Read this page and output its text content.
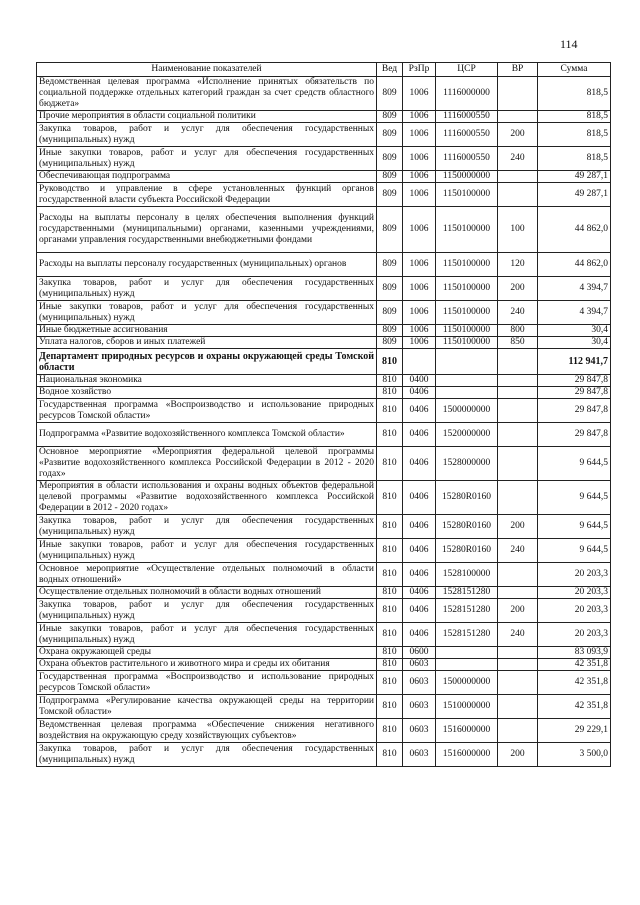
114
Наименование показателей	Вед	РзПр	ЦСР	ВР	Сумма
Ведомственная целевая программа «Исполнение принятых обязательств по социальной поддержке отдельных категорий граждан за счет средств областного бюджета»	809	1006	1116000000		818,5
Прочие мероприятия в области социальной политики	809	1006	1116000550		818,5
Закупка товаров, работ и услуг для обеспечения государственных (муниципальных) нужд	809	1006	1116000550	200	818,5
Иные закупки товаров, работ и услуг для обеспечения государственных (муниципальных) нужд	809	1006	1116000550	240	818,5
Обеспечивающая подпрограмма	809	1006	1150000000		49 287,1
Руководство и управление в сфере установленных функций органов государственной власти субъекта Российской Федерации	809	1006	1150100000		49 287,1
Расходы на выплаты персоналу в целях обеспечения выполнения функций государственными (муниципальными) органами, казенными учреждениями, органами управления государственными внебюджетными фондами	809	1006	1150100000	100	44 862,0
Расходы на выплаты персоналу государственных (муниципальных) органов	809	1006	1150100000	120	44 862,0
Закупка товаров, работ и услуг для обеспечения государственных (муниципальных) нужд	809	1006	1150100000	200	4 394,7
Иные закупки товаров, работ и услуг для обеспечения государственных (муниципальных) нужд	809	1006	1150100000	240	4 394,7
Иные бюджетные ассигнования	809	1006	1150100000	800	30,4
Уплата налогов, сборов и иных платежей	809	1006	1150100000	850	30,4
Департамент природных ресурсов и охраны окружающей среды Томской области	810				112 941,7
Национальная экономика	810	0400			29 847,8
Водное хозяйство	810	0406			29 847,8
Государственная программа «Воспроизводство и использование природных ресурсов Томской области»	810	0406	1500000000		29 847,8
Подпрограмма «Развитие водохозяйственного комплекса Томской области»	810	0406	1520000000		29 847,8
Основное мероприятие «Мероприятия федеральной целевой программы «Развитие водохозяйственного комплекса Российской Федерации в 2012 - 2020 годах»	810	0406	1528000000		9 644,5
Мероприятия в области использования и охраны водных объектов федеральной целевой программы «Развитие водохозяйственного комплекса Российской Федерации в 2012 - 2020 годах»	810	0406	15280R0160		9 644,5
Закупка товаров, работ и услуг для обеспечения государственных (муниципальных) нужд	810	0406	15280R0160	200	9 644,5
Иные закупки товаров, работ и услуг для обеспечения государственных (муниципальных) нужд	810	0406	15280R0160	240	9 644,5
Основное мероприятие «Осуществление отдельных полномочий в области водных отношений»	810	0406	1528100000		20 203,3
Осуществление отдельных полномочий в области водных отношений	810	0406	1528151280		20 203,3
Закупка товаров, работ и услуг для обеспечения государственных (муниципальных) нужд	810	0406	1528151280	200	20 203,3
Иные закупки товаров, работ и услуг для обеспечения государственных (муниципальных) нужд	810	0406	1528151280	240	20 203,3
Охрана окружающей среды	810	0600			83 093,9
Охрана объектов растительного и животного мира и среды их обитания	810	0603			42 351,8
Государственная программа «Воспроизводство и использование природных ресурсов Томской области»	810	0603	1500000000		42 351,8
Подпрограмма «Регулирование качества окружающей среды на территории Томской области»	810	0603	1510000000		42 351,8
Ведомственная целевая программа «Обеспечение снижения негативного воздействия на окружающую среду хозяйствующих субъектов»	810	0603	1516000000		29 229,1
Закупка товаров, работ и услуг для обеспечения государственных (муниципальных) нужд	810	0603	1516000000	200	3 500,0
